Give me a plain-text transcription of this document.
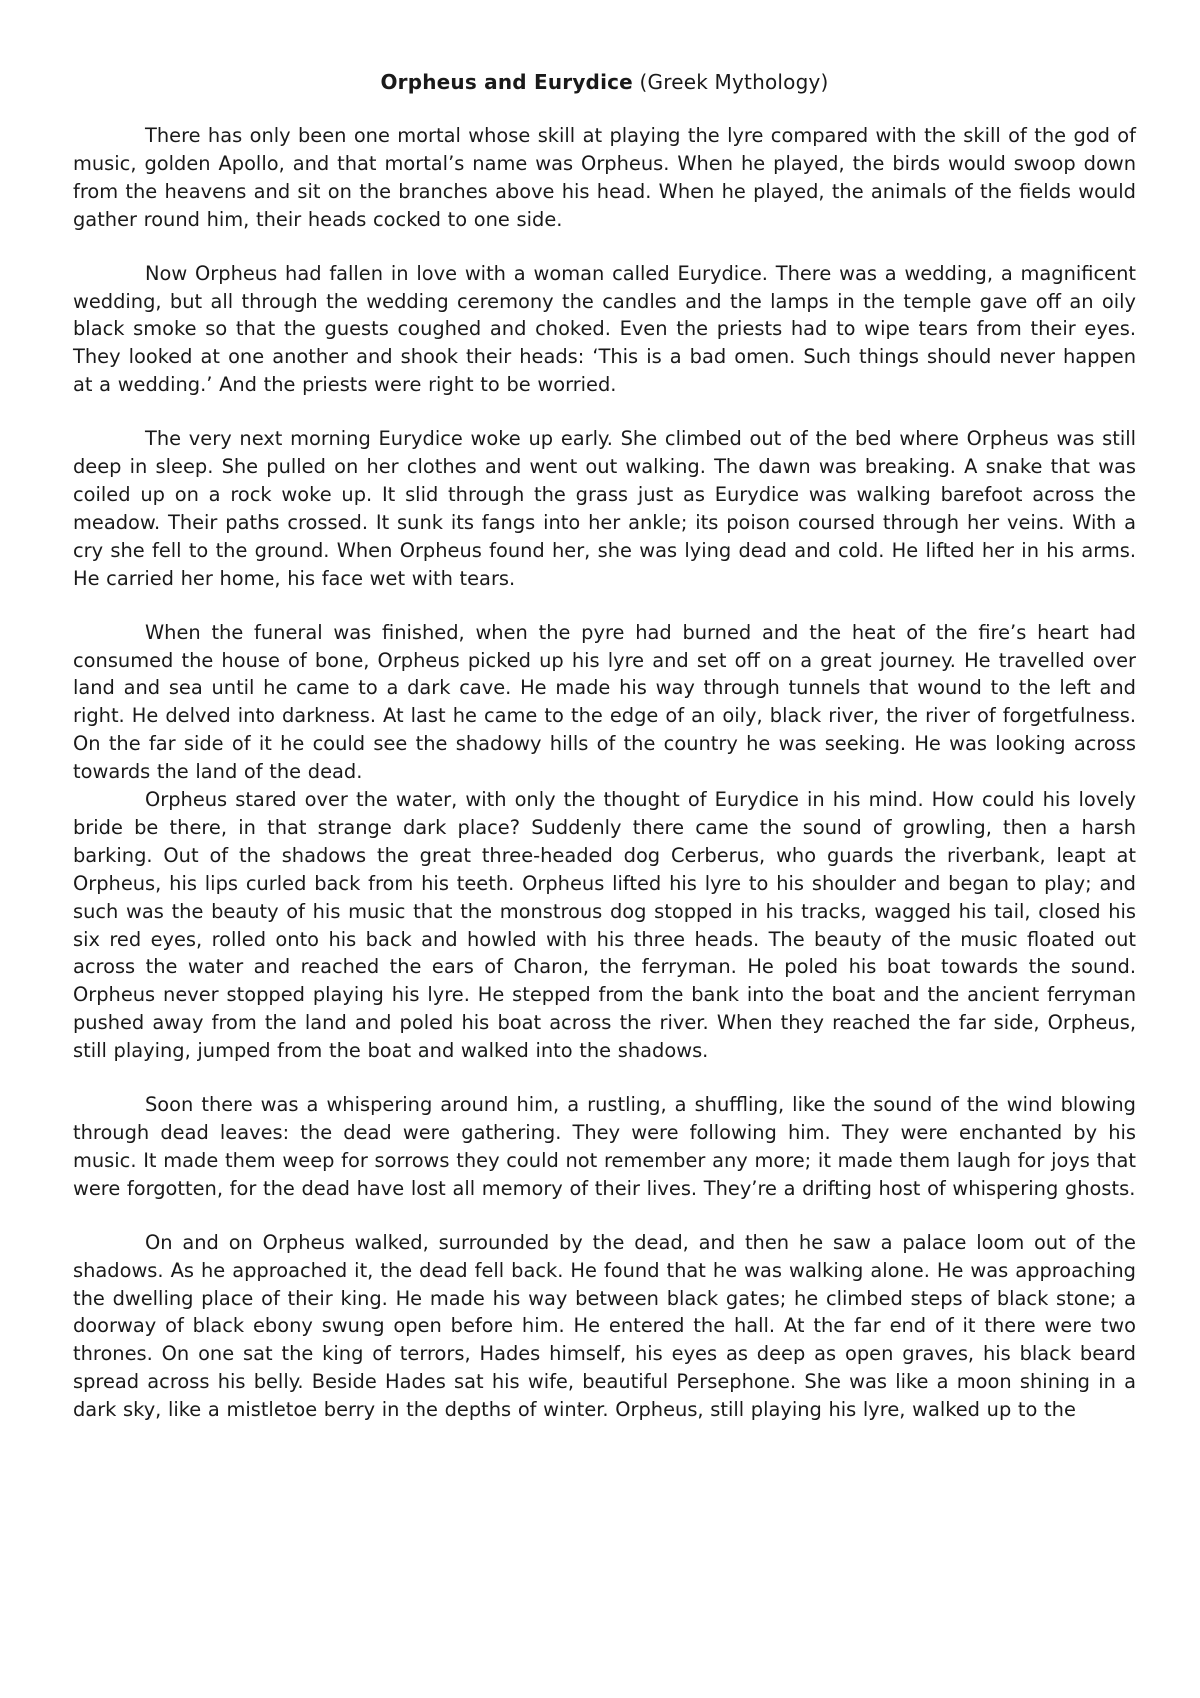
Orpheus and Eurydice (Greek Mythology)

There has only been one mortal whose skill at playing the lyre compared with the skill of the god of music, golden Apollo, and that mortal’s name was Orpheus. When he played, the birds would swoop down from the heavens and sit on the branches above his head. When he played, the animals of the fields would gather round him, their heads cocked to one side.

Now Orpheus had fallen in love with a woman called Eurydice. There was a wedding, a magnificent wedding, but all through the wedding ceremony the candles and the lamps in the temple gave off an oily black smoke so that the guests coughed and choked. Even the priests had to wipe tears from their eyes. They looked at one another and shook their heads: ‘This is a bad omen. Such things should never happen at a wedding.’ And the priests were right to be worried.

The very next morning Eurydice woke up early. She climbed out of the bed where Orpheus was still deep in sleep. She pulled on her clothes and went out walking. The dawn was breaking. A snake that was coiled up on a rock woke up. It slid through the grass just as Eurydice was walking barefoot across the meadow. Their paths crossed. It sunk its fangs into her ankle; its poison coursed through her veins. With a cry she fell to the ground. When Orpheus found her, she was lying dead and cold. He lifted her in his arms. He carried her home, his face wet with tears.

When the funeral was finished, when the pyre had burned and the heat of the fire’s heart had consumed the house of bone, Orpheus picked up his lyre and set off on a great journey. He travelled over land and sea until he came to a dark cave. He made his way through tunnels that wound to the left and right. He delved into darkness. At last he came to the edge of an oily, black river, the river of forgetfulness. On the far side of it he could see the shadowy hills of the country he was seeking. He was looking across towards the land of the dead.

Orpheus stared over the water, with only the thought of Eurydice in his mind. How could his lovely bride be there, in that strange dark place? Suddenly there came the sound of growling, then a harsh barking. Out of the shadows the great three-headed dog Cerberus, who guards the riverbank, leapt at Orpheus, his lips curled back from his teeth. Orpheus lifted his lyre to his shoulder and began to play; and such was the beauty of his music that the monstrous dog stopped in his tracks, wagged his tail, closed his six red eyes, rolled onto his back and howled with his three heads. The beauty of the music floated out across the water and reached the ears of Charon, the ferryman. He poled his boat towards the sound. Orpheus never stopped playing his lyre. He stepped from the bank into the boat and the ancient ferryman pushed away from the land and poled his boat across the river. When they reached the far side, Orpheus, still playing, jumped from the boat and walked into the shadows.

Soon there was a whispering around him, a rustling, a shuffling, like the sound of the wind blowing through dead leaves: the dead were gathering. They were following him. They were enchanted by his music. It made them weep for sorrows they could not remember any more; it made them laugh for joys that were forgotten, for the dead have lost all memory of their lives. They’re a drifting host of whispering ghosts.

On and on Orpheus walked, surrounded by the dead, and then he saw a palace loom out of the shadows. As he approached it, the dead fell back. He found that he was walking alone. He was approaching the dwelling place of their king. He made his way between black gates; he climbed steps of black stone; a doorway of black ebony swung open before him. He entered the hall. At the far end of it there were two thrones. On one sat the king of terrors, Hades himself, his eyes as deep as open graves, his black beard spread across his belly. Beside Hades sat his wife, beautiful Persephone. She was like a moon shining in a dark sky, like a mistletoe berry in the depths of winter. Orpheus, still playing his lyre, walked up to the
